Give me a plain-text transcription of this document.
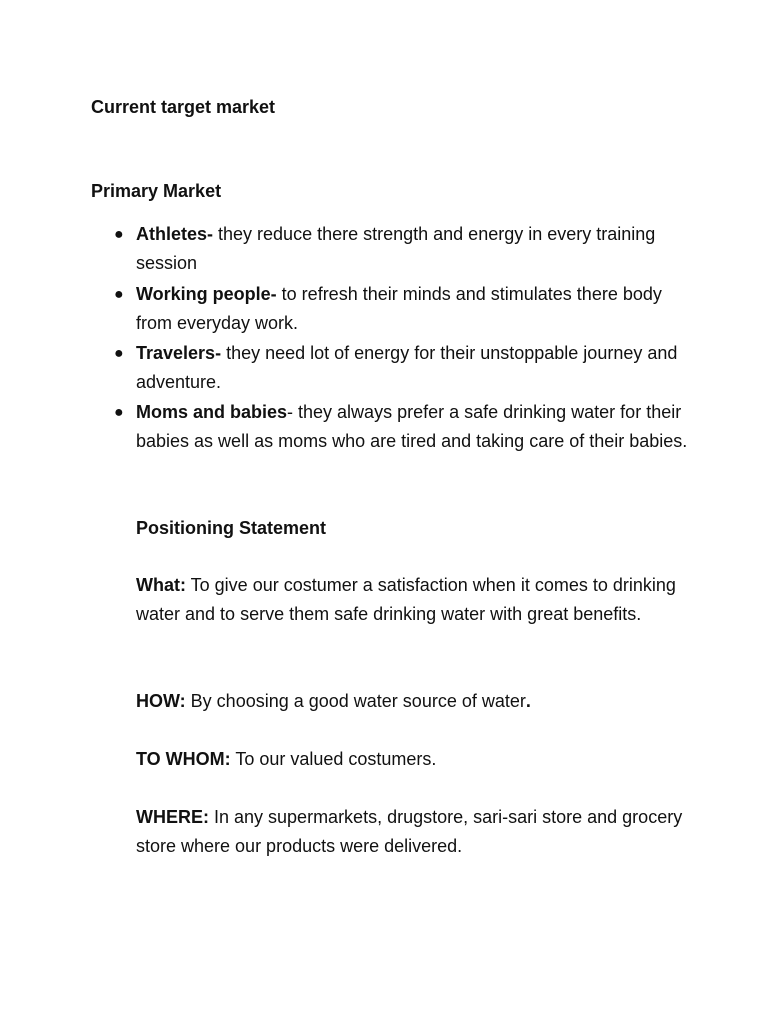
Current target market
Primary Market
● Athletes- they reduce there strength and energy in every training session
● Working people- to refresh their minds and stimulates there body from everyday work.
● Travelers- they need lot of energy for their unstoppable journey and adventure.
● Moms and babies- they always prefer a safe drinking water for their babies as well as moms who are tired and taking care of their babies.
Positioning Statement

What: To give our costumer a satisfaction when it comes to drinking water and to serve them safe drinking water with great benefits.

HOW: By choosing a good water source of water.

TO WHOM: To our valued costumers.

WHERE: In any supermarkets, drugstore, sari-sari store and grocery store where our products were delivered.
